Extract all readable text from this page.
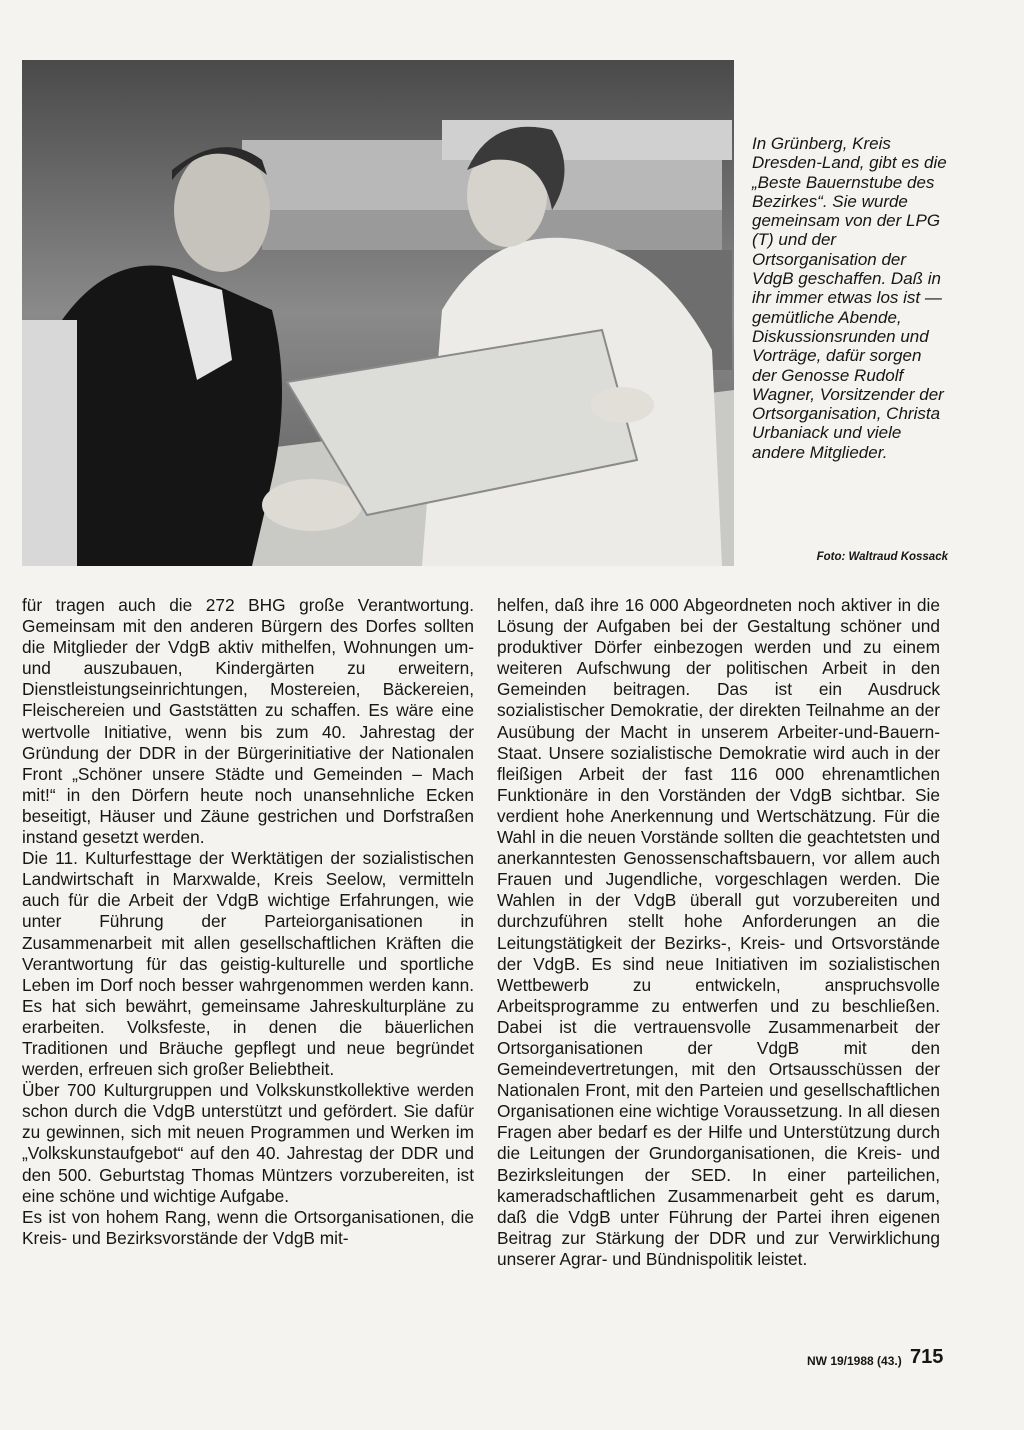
In Grünberg, Kreis Dresden-Land, gibt es die „Beste Bauernstube des Bezirkes“. Sie wurde gemeinsam von der LPG (T) und der Ortsorganisation der VdgB geschaffen. Daß in ihr immer etwas los ist — gemütliche Abende, Diskussionsrunden und Vorträge, dafür sorgen der Genosse Rudolf Wagner, Vorsitzender der Ortsorganisation, Christa Urbaniack und viele andere Mitglieder.

Foto: Waltraud Kossack

für tragen auch die 272 BHG große Verantwortung. Gemeinsam mit den anderen Bürgern des Dorfes sollten die Mitglieder der VdgB aktiv mithelfen, Wohnungen um- und auszubauen, Kindergärten zu erweitern, Dienstleistungseinrichtungen, Mostereien, Bäckereien, Fleischereien und Gaststätten zu schaffen. Es wäre eine wertvolle Initiative, wenn bis zum 40. Jahrestag der Gründung der DDR in der Bürgerinitiative der Nationalen Front „Schöner unsere Städte und Gemeinden – Mach mit!“ in den Dörfern heute noch unansehnliche Ecken beseitigt, Häuser und Zäune gestrichen und Dorfstraßen instand gesetzt werden.

Die 11. Kulturfesttage der Werktätigen der sozialistischen Landwirtschaft in Marxwalde, Kreis Seelow, vermitteln auch für die Arbeit der VdgB wichtige Erfahrungen, wie unter Führung der Parteiorganisationen in Zusammenarbeit mit allen gesellschaftlichen Kräften die Verantwortung für das geistig-kulturelle und sportliche Leben im Dorf noch besser wahrgenommen werden kann. Es hat sich bewährt, gemeinsame Jahreskulturpläne zu erarbeiten. Volksfeste, in denen die bäuerlichen Traditionen und Bräuche gepflegt und neue begründet werden, erfreuen sich großer Beliebtheit.

Über 700 Kulturgruppen und Volkskunstkollektive werden schon durch die VdgB unterstützt und gefördert. Sie dafür zu gewinnen, sich mit neuen Programmen und Werken im „Volkskunstaufgebot“ auf den 40. Jahrestag der DDR und den 500. Geburtstag Thomas Müntzers vorzubereiten, ist eine schöne und wichtige Aufgabe.

Es ist von hohem Rang, wenn die Ortsorganisationen, die Kreis- und Bezirksvorstände der VdgB mit-

helfen, daß ihre 16 000 Abgeordneten noch aktiver in die Lösung der Aufgaben bei der Gestaltung schöner und produktiver Dörfer einbezogen werden und zu einem weiteren Aufschwung der politischen Arbeit in den Gemeinden beitragen. Das ist ein Ausdruck sozialistischer Demokratie, der direkten Teilnahme an der Ausübung der Macht in unserem Arbeiter-und-Bauern-Staat. Unsere sozialistische Demokratie wird auch in der fleißigen Arbeit der fast 116 000 ehrenamtlichen Funktionäre in den Vorständen der VdgB sichtbar. Sie verdient hohe Anerkennung und Wertschätzung. Für die Wahl in die neuen Vorstände sollten die geachtetsten und anerkanntesten Genossenschaftsbauern, vor allem auch Frauen und Jugendliche, vorgeschlagen werden. Die Wahlen in der VdgB überall gut vorzubereiten und durchzuführen stellt hohe Anforderungen an die Leitungstätigkeit der Bezirks-, Kreis- und Ortsvorstände der VdgB. Es sind neue Initiativen im sozialistischen Wettbewerb zu entwickeln, anspruchsvolle Arbeitsprogramme zu entwerfen und zu beschließen. Dabei ist die vertrauensvolle Zusammenarbeit der Ortsorganisationen der VdgB mit den Gemeindevertretungen, mit den Ortsausschüssen der Nationalen Front, mit den Parteien und gesellschaftlichen Organisationen eine wichtige Voraussetzung. In all diesen Fragen aber bedarf es der Hilfe und Unterstützung durch die Leitungen der Grundorganisationen, die Kreis- und Bezirksleitungen der SED. In einer parteilichen, kameradschaftlichen Zusammenarbeit geht es darum, daß die VdgB unter Führung der Partei ihren eigenen Beitrag zur Stärkung der DDR und zur Verwirklichung unserer Agrar- und Bündnispolitik leistet.

NW 19/1988 (43.) 715
